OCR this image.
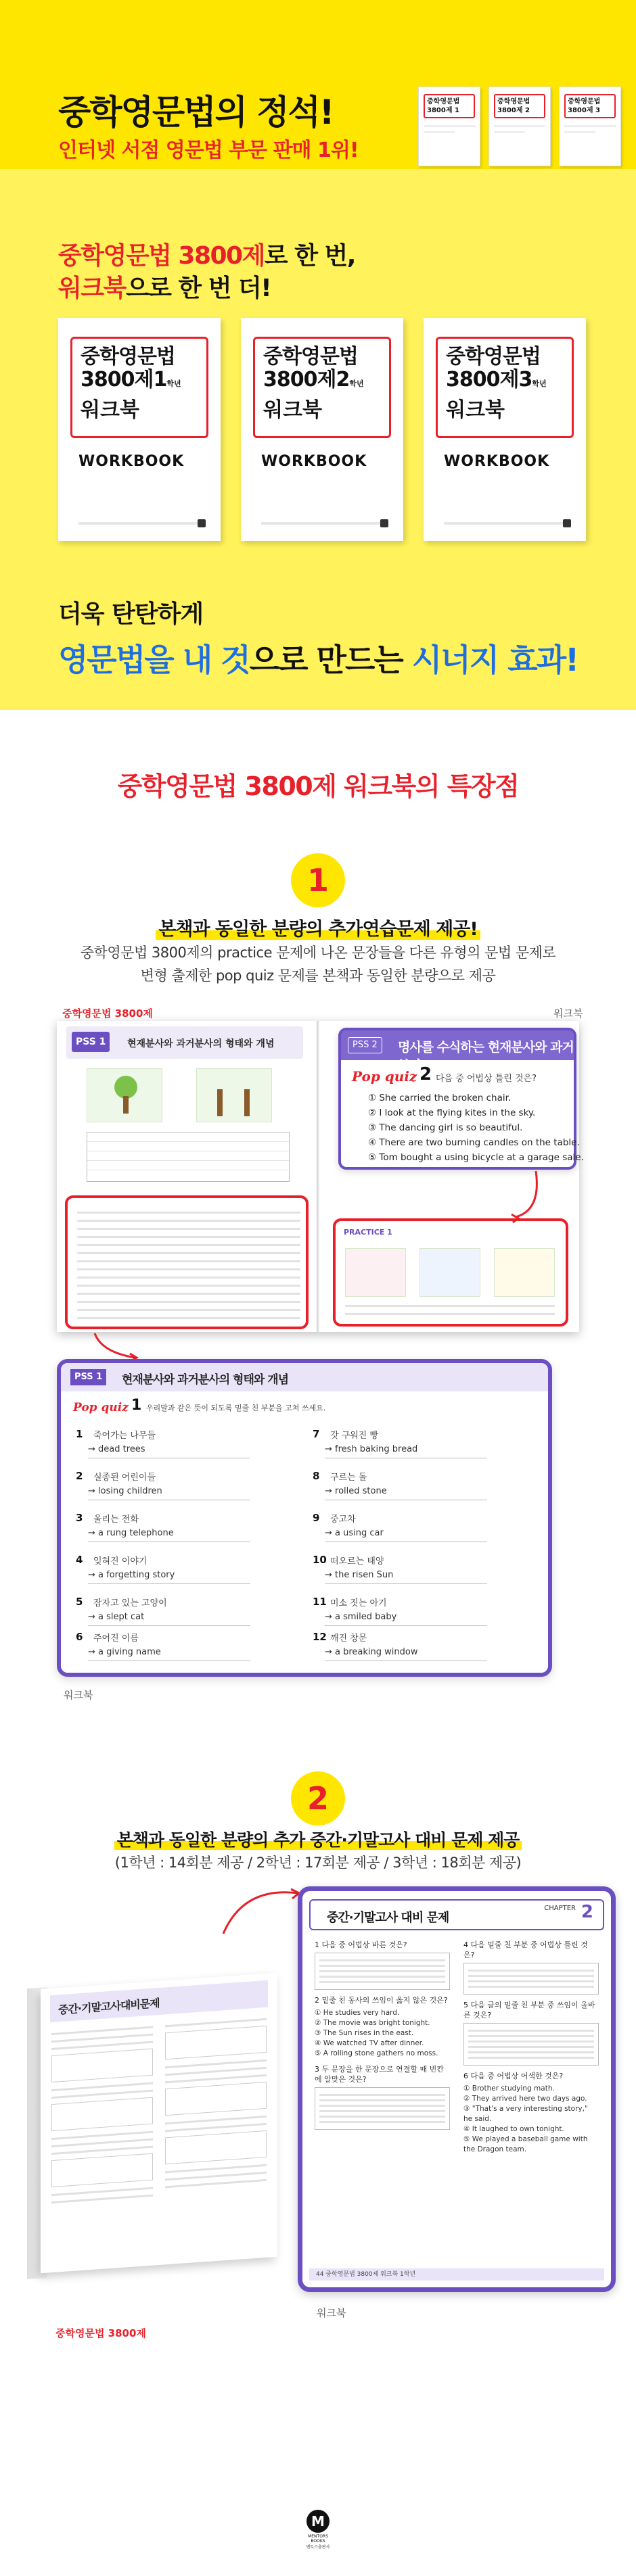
중학영문법의 정석!
인터넷 서점 영문법 부문 판매 1위!
중학영문법
3800제 1
중학영문법
3800제 2
중학영문법
3800제 3
중학영문법 3800제로 한 번,
워크북으로 한 번 더!
중학영문법
3800제1학년
워크북
WORKBOOK
중학영문법
3800제2학년
워크북
WORKBOOK
중학영문법
3800제3학년
워크북
WORKBOOK
더욱 탄탄하게
영문법을 내 것으로 만드는 시너지 효과!
중학영문법 3800제 워크북의 특장점
1
본책과 동일한 분량의 추가연습문제 제공!
중학영문법 3800제의 practice 문제에 나온 문장들을 다른 유형의 문법 문제로
변형 출제한 pop quiz 문제를 본책과 동일한 분량으로 제공
중학영문법 3800제	워크북
PSS 1	현재분사와 과거분사의 형태와 개념
PRACTICE 1
PSS 2	명사를 수식하는 현재분사와 과거분사
Pop quiz 2 다음 중 어법상 틀린 것은?
① She carried the broken chair.
② I look at the flying kites in the sky.
③ The dancing girl is so beautiful.
④ There are two burning candles on the table.
⑤ Tom bought a using bicycle at a garage sale.
PSS 1	현재분사와 과거분사의 형태와 개념
Pop quiz 1 우리말과 같은 뜻이 되도록 밑줄 친 부분을 고쳐 쓰세요.
1 죽어가는 나무들
→ dead trees
2 실종된 어린이들
→ losing children
3 울리는 전화
→ a rung telephone
4 잊혀진 이야기
→ a forgetting story
5 잠자고 있는 고양이
→ a slept cat
6 주어진 이름
→ a giving name
7 갓 구워진 빵
→ fresh baking bread
8 구르는 돌
→ rolled stone
9 중고차
→ a using car
10 떠오르는 태양
→ the risen Sun
11 미소 짓는 아기
→ a smiled baby
12 깨진 창문
→ a breaking window
워크북
2
본책과 동일한 분량의 추가 중간·기말고사 대비 문제 제공
(1학년 : 14회분 제공 / 2학년 : 17회분 제공 / 3학년 : 18회분 제공)
중간·기말고사대비문제
중학영문법 3800제
중간·기말고사 대비 문제
CHAPTER 2
1 다음 중 어법상 바른 것은?
2 밑줄 친 동사의 쓰임이 옳지 않은 것은?
① He studies very hard.
② The movie was bright tonight.
③ The Sun rises in the east.
④ We watched TV after dinner.
⑤ A rolling stone gathers no moss.
3 두 문장을 한 문장으로 연결할 때 빈칸에 알맞은 것은?
4 다음 밑줄 친 부분 중 어법상 틀린 것은?
5 다음 글의 밑줄 친 부분 중 쓰임이 올바른 것은?
6 다음 중 어법상 어색한 것은?
① Brother studying math.
② They arrived here two days ago.
③ "That's a very interesting story," he said.
④ It laughed to own tonight.
⑤ We played a baseball game with the Dragon team.
44 중학영문법 3800제 워크북 1학년
워크북
M
MENTORS BOOKS
멘토스출판사
